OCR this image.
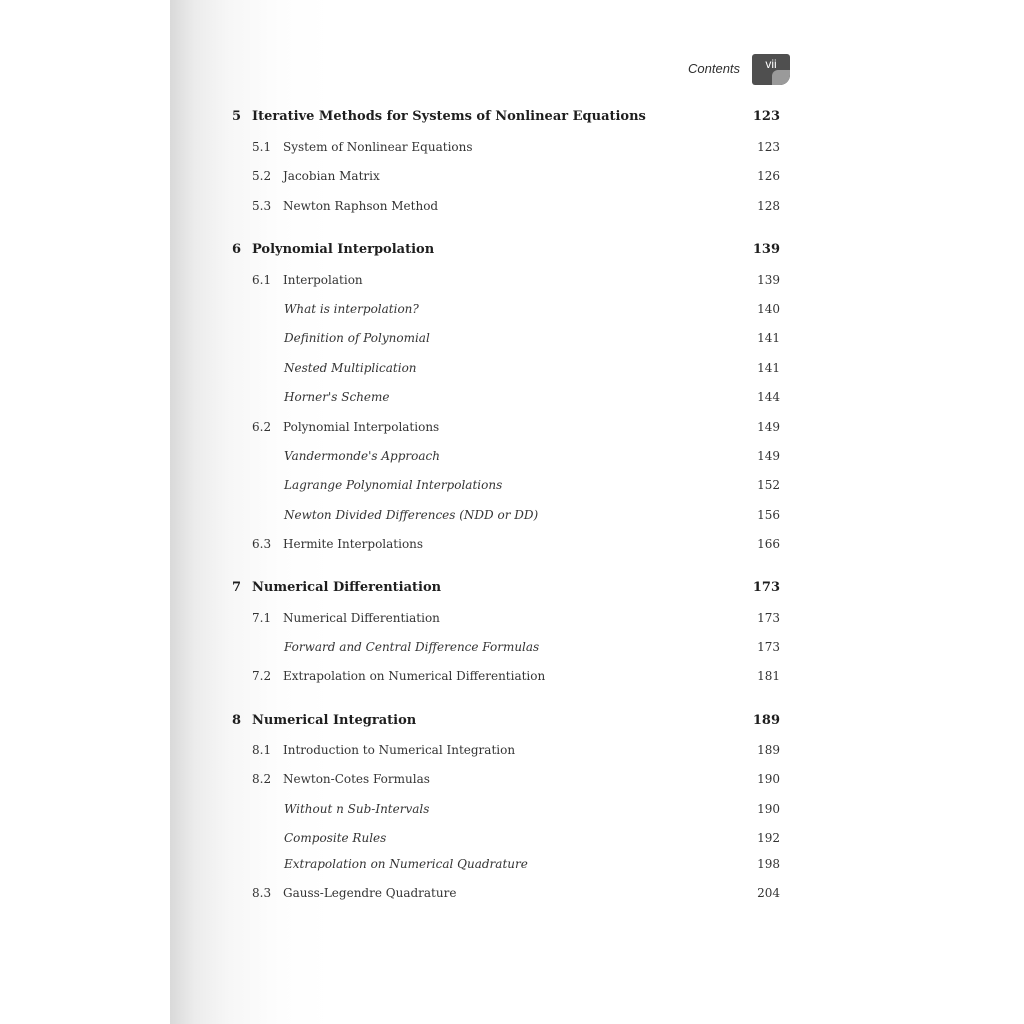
Contents	vii
5 Iterative Methods for Systems of Nonlinear Equations	123
5.1 System of Nonlinear Equations	123
5.2 Jacobian Matrix	126
5.3 Newton Raphson Method	128
6 Polynomial Interpolation	139
6.1 Interpolation	139
What is interpolation?	140
Definition of Polynomial	141
Nested Multiplication	141
Horner's Scheme	144
6.2 Polynomial Interpolations	149
Vandermonde's Approach	149
Lagrange Polynomial Interpolations	152
Newton Divided Differences (NDD or DD)	156
6.3 Hermite Interpolations	166
7 Numerical Differentiation	173
7.1 Numerical Differentiation	173
Forward and Central Difference Formulas	173
7.2 Extrapolation on Numerical Differentiation	181
8 Numerical Integration	189
8.1 Introduction to Numerical Integration	189
8.2 Newton-Cotes Formulas	190
Without n Sub-Intervals	190
Composite Rules	192
Extrapolation on Numerical Quadrature	198
8.3 Gauss-Legendre Quadrature	204
